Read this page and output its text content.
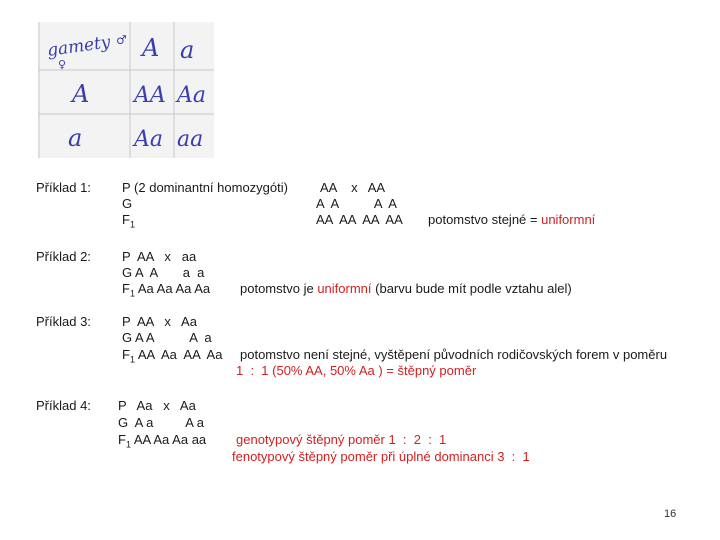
gamety ♂
♀
A a
A AA Aa
a Aa aa
Příklad 1: P (2 dominantní homozygóti)
G
$F_1$
AA    x   AA
A  A          A  A
AA  AA  AA  AA potomstvo stejné = uniformní
Příklad 2: P  AA   x   aa
G A  A       a  a
$F_1$ Aa Aa Aa Aa potomstvo je uniformní (barvu bude mít podle vztahu alel)
Příklad 3: P  AA   x   Aa
G A A          A  a
$F_1$ AA  Aa  AA  Aa potomstvo není stejné, vyštěpení původních rodičovských forem v poměru
1  :  1 (50% AA, 50% Aa ) = štěpný poměr
Příklad 4: P   Aa   x   Aa
G  A a         A a
$F_1$ AA Aa Aa aa genotypový štěpný poměr 1  :  2  :  1
fenotypový štěpný poměr při úplné dominanci 3  :  1
16
